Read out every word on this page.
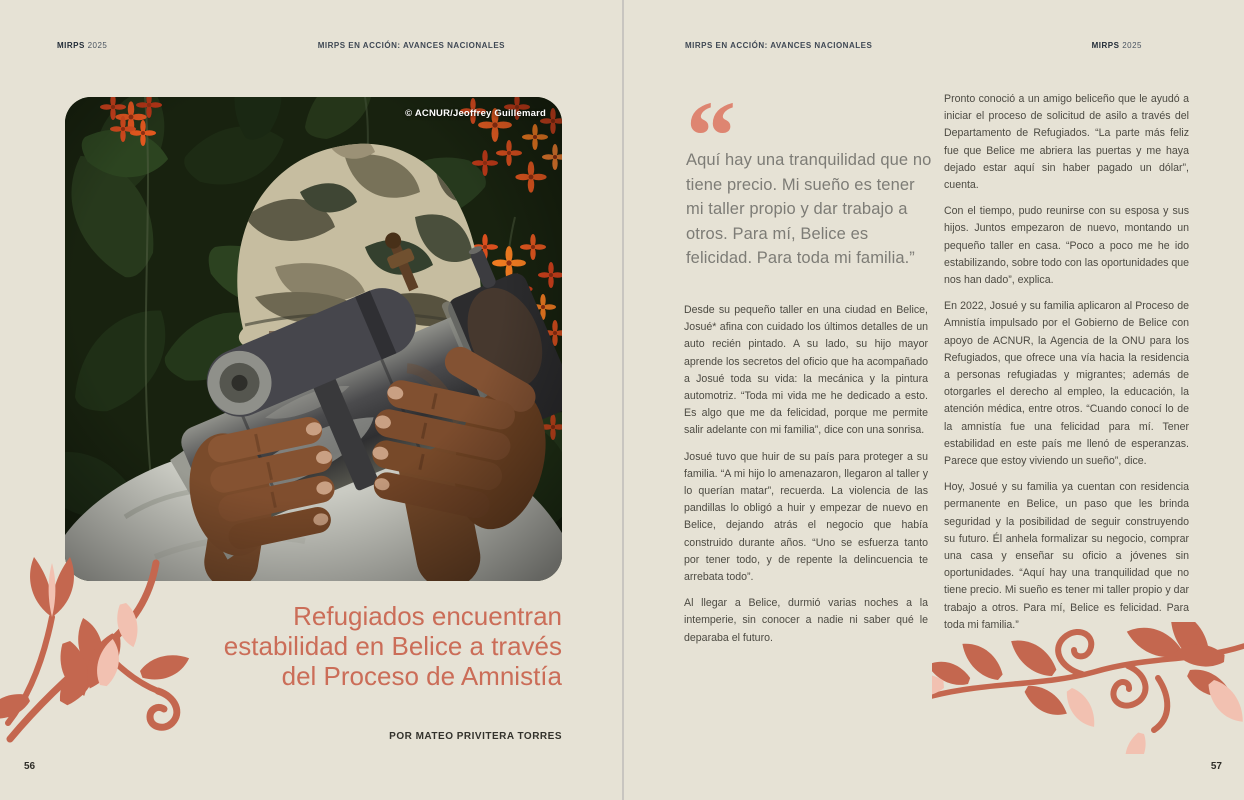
MIRPS 2025	MIRPS EN ACCIÓN: AVANCES NACIONALES	MIRPS EN ACCIÓN: AVANCES NACIONALES	MIRPS 2025
© ACNUR/Jeoffrey Guillemard
Refugiados encuentran
estabilidad en Belice a través
del Proceso de Amnistía
POR MATEO PRIVITERA TORRES
“
Aquí hay una tranquilidad que no tiene precio. Mi sueño es tener mi taller propio y dar trabajo a otros. Para mí, Belice es felicidad. Para toda mi familia.”

Desde su pequeño taller en una ciudad en Belice, Josué* afina con cuidado los últimos detalles de un auto recién pintado. A su lado, su hijo mayor aprende los secretos del oficio que ha acompañado a Josué toda su vida: la mecánica y la pintura automotriz. “Toda mi vida me he dedicado a esto. Es algo que me da felicidad, porque me permite salir adelante con mi familia”, dice con una sonrisa.

Josué tuvo que huir de su país para proteger a su familia. “A mi hijo lo amenazaron, llegaron al taller y lo querían matar”, recuerda. La violencia de las pandillas lo obligó a huir y empezar de nuevo en Belice, dejando atrás el negocio que había construido durante años. “Uno se esfuerza tanto por tener todo, y de repente la delincuencia te arrebata todo”.

Al llegar a Belice, durmió varias noches a la intemperie, sin conocer a nadie ni saber qué le deparaba el futuro.

Pronto conoció a un amigo beliceño que le ayudó a iniciar el proceso de solicitud de asilo a través del Departamento de Refugiados. “La parte más feliz fue que Belice me abriera las puertas y me haya dejado estar aquí sin haber pagado un dólar”, cuenta.

Con el tiempo, pudo reunirse con su esposa y sus hijos. Juntos empezaron de nuevo, montando un pequeño taller en casa. “Poco a poco me he ido estabilizando, sobre todo con las oportunidades que nos han dado”, explica.

En 2022, Josué y su familia aplicaron al Proceso de Amnistía impulsado por el Gobierno de Belice con apoyo de ACNUR, la Agencia de la ONU para los Refugiados, que ofrece una vía hacia la residencia a personas refugiadas y migrantes; además de otorgarles el derecho al empleo, la educación, la atención médica, entre otros. “Cuando conocí lo de la amnistía fue una felicidad para mí. Tener estabilidad en este país me llenó de esperanzas. Parece que estoy viviendo un sueño”, dice.

Hoy, Josué y su familia ya cuentan con residencia permanente en Belice, un paso que les brinda seguridad y la posibilidad de seguir construyendo su futuro. Él anhela formalizar su negocio, comprar una casa y enseñar su oficio a jóvenes sin oportunidades. “Aquí hay una tranquilidad que no tiene precio. Mi sueño es tener mi taller propio y dar trabajo a otros. Para mí, Belice es felicidad. Para toda mi familia.”

56	57
